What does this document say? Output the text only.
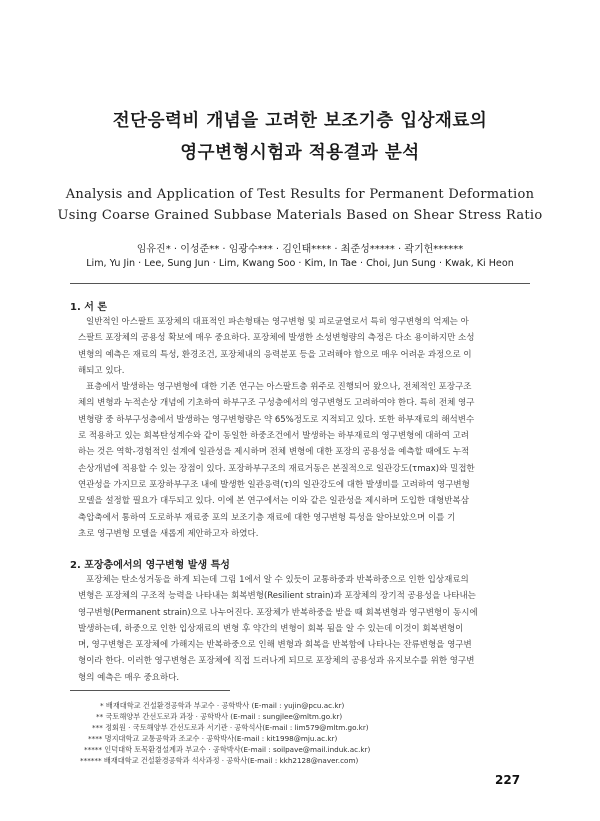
전단응력비 개념을 고려한 보조기층 입상재료의
영구변형시험과 적용결과 분석
Analysis and Application of Test Results for Permanent Deformation
Using Coarse Grained Subbase Materials Based on Shear Stress Ratio
임유진* · 이성준** · 임광수*** · 김인태**** · 최준성***** · 곽기헌******
Lim, Yu Jin · Lee, Sung Jun · Lim, Kwang Soo · Kim, In Tae · Choi, Jun Sung · Kwak, Ki Heon
1. 서 론
일반적인 아스팔트 포장체의 대표적인 파손형태는 영구변형 및 피로균열로서 특히 영구변형의 억제는 아
스팔트 포장체의 공용성 확보에 매우 중요하다. 포장체에 발생한 소성변형량의 측정은 다소 용이하지만 소성
변형의 예측은 재료의 특성, 환경조건, 포장체내의 응력분포 등을 고려해야 함으로 매우 어려운 과정으로 이
해되고 있다.
표층에서 발생하는 영구변형에 대한 기존 연구는 아스팔트층 위주로 진행되어 왔으나, 전체적인 포장구조
체의 변형과 누적손상 개념에 기초하여 하부구조 구성층에서의 영구변형도 고려하여야 한다. 특히 전체 영구
변형량 중 하부구성층에서 발생하는 영구변형량은 약 65%정도로 지적되고 있다. 또한 하부재료의 해석변수
로 적용하고 있는 회복탄성계수와 같이 동일한 하중조건에서 발생하는 하부재료의 영구변형에 대하여 고려
하는 것은 역학-경험적인 설계에 일관성을 제시하며 전체 변형에 대한 포장의 공용성을 예측할 때에도 누적
손상개념에 적용할 수 있는 장점이 있다. 포장하부구조의 재료거동은 본질적으로 일관강도(τmax)와 밀접한
연관성을 가지므로 포장하부구조 내에 발생한 일관응력(τ)의 일관강도에 대한 발생비를 고려하여 영구변형
모델을 설정할 필요가 대두되고 있다. 이에 본 연구에서는 이와 같은 일관성을 제시하며 도입한 대형반복삼
축압축에서 통하여 도로하부 재료중 포의 보조기층 재료에 대한 영구변형 특성을 알아보았으며 이를 기
초로 영구변형 모델을 새롭게 제안하고자 하였다.
2. 포장층에서의 영구변형 발생 특성
포장체는 탄소성거동을 하게 되는데 그림 1에서 알 수 있듯이 교통하중과 반복하중으로 인한 입상재료의
변형은 포장체의 구조적 능력을 나타내는 회복변형(Resilient strain)과 포장체의 장기적 공용성을 나타내는
영구변형(Permanent strain)으로 나누어진다. 포장체가 반복하중을 받을 때 회복변형과 영구변형이 동시에
발생하는데, 하중으로 인한 입상재료의 변형 후 약간의 변형이 회복 됨을 알 수 있는데 이것이 회복변형이
며, 영구변형은 포장체에 가해지는 반복하중으로 인해 변형과 회복을 반복함에 나타나는 잔류변형을 영구변
형이라 한다. 이러한 영구변형은 포장체에 직접 드러나게 되므로 포장체의 공용성과 유지보수를 위한 영구변
형의 예측은 매우 중요하다.
* 배재대학교 건설환경공학과 부교수 · 공학박사 (E-mail : yujin@pcu.ac.kr)
** 국토해양부 간선도로과 과장 · 공학박사 (E-mail : sungjlee@mltm.go.kr)
*** 정회원 · 국토해양부 간선도로과 서기관 · 공학석사(E-mail : lim579@mltm.go.kr)
**** 명지대학교 교통공학과 조교수 · 공학박사(E-mail : kit1998@mju.ac.kr)
***** 인덕대학 토목환경설계과 부교수 · 공학박사(E-mail : soilpave@mail.induk.ac.kr)
****** 배재대학교 건설환경공학과 석사과정 · 공학사(E-mail : kkh2128@naver.com)
227
